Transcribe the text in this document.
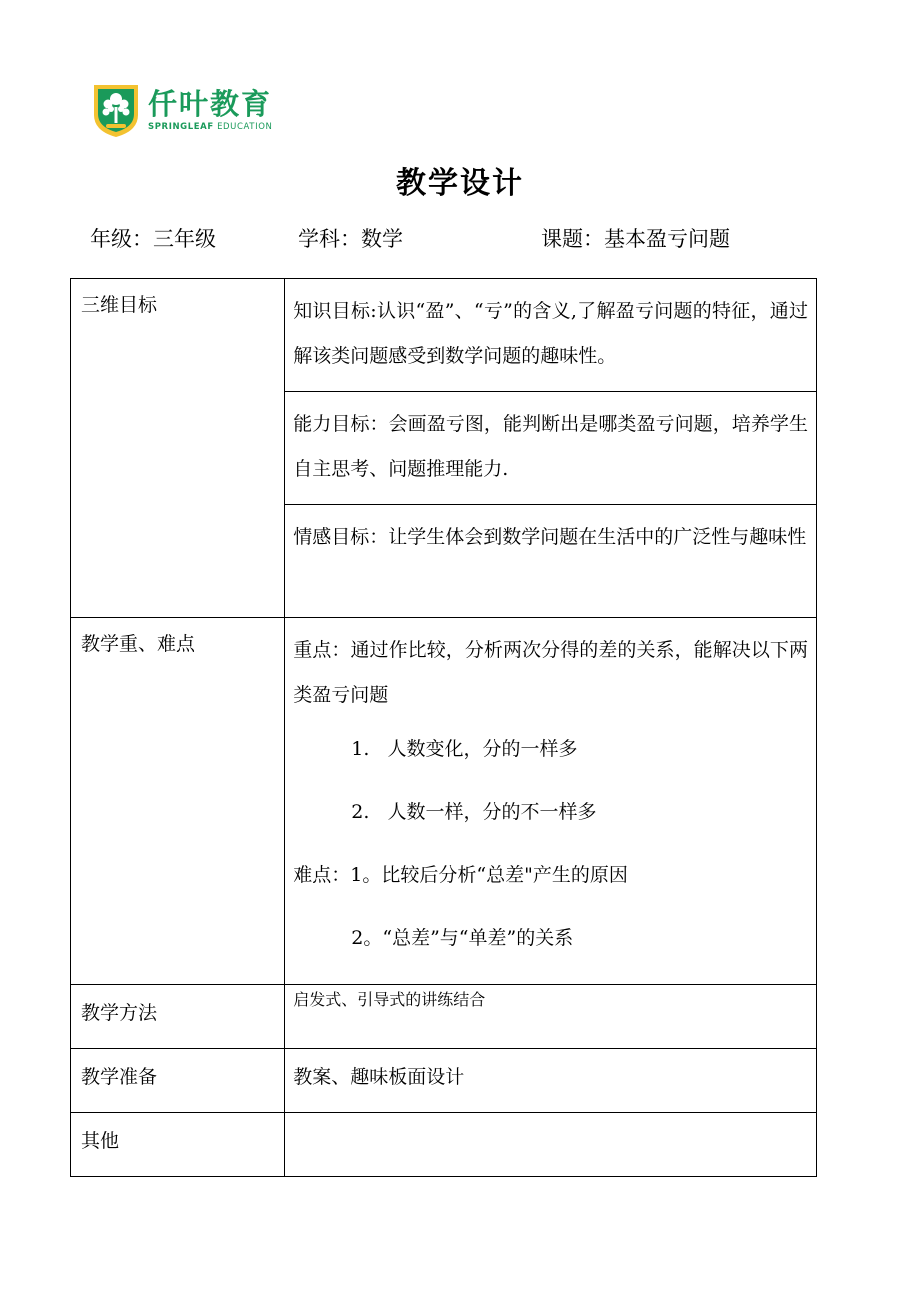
仟叶教育
SPRINGLEAF EDUCATION
教学设计
年级：三年级	学科：数学	课题：基本盈亏问题
三维目标	知识目标:认识“盈”、“亏”的含义,了解盈亏问题的特征，通过解该类问题感受到数学问题的趣味性。

	能力目标：会画盈亏图，能判断出是哪类盈亏问题，培养学生自主思考、问题推理能力.

	情感目标：让学生体会到数学问题在生活中的广泛性与趣味性

教学重、难点	重点：通过作比较，分析两次分得的差的关系，能解决以下两类盈亏问题

1.   人数变化，分的一样多

2.   人数一样，分的不一样多

难点：1。比较后分析“总差"产生的原因

2。“总差”与“单差”的关系

教学方法	启发式、引导式的讲练结合

教学准备	教案、趣味板面设计

其他	
